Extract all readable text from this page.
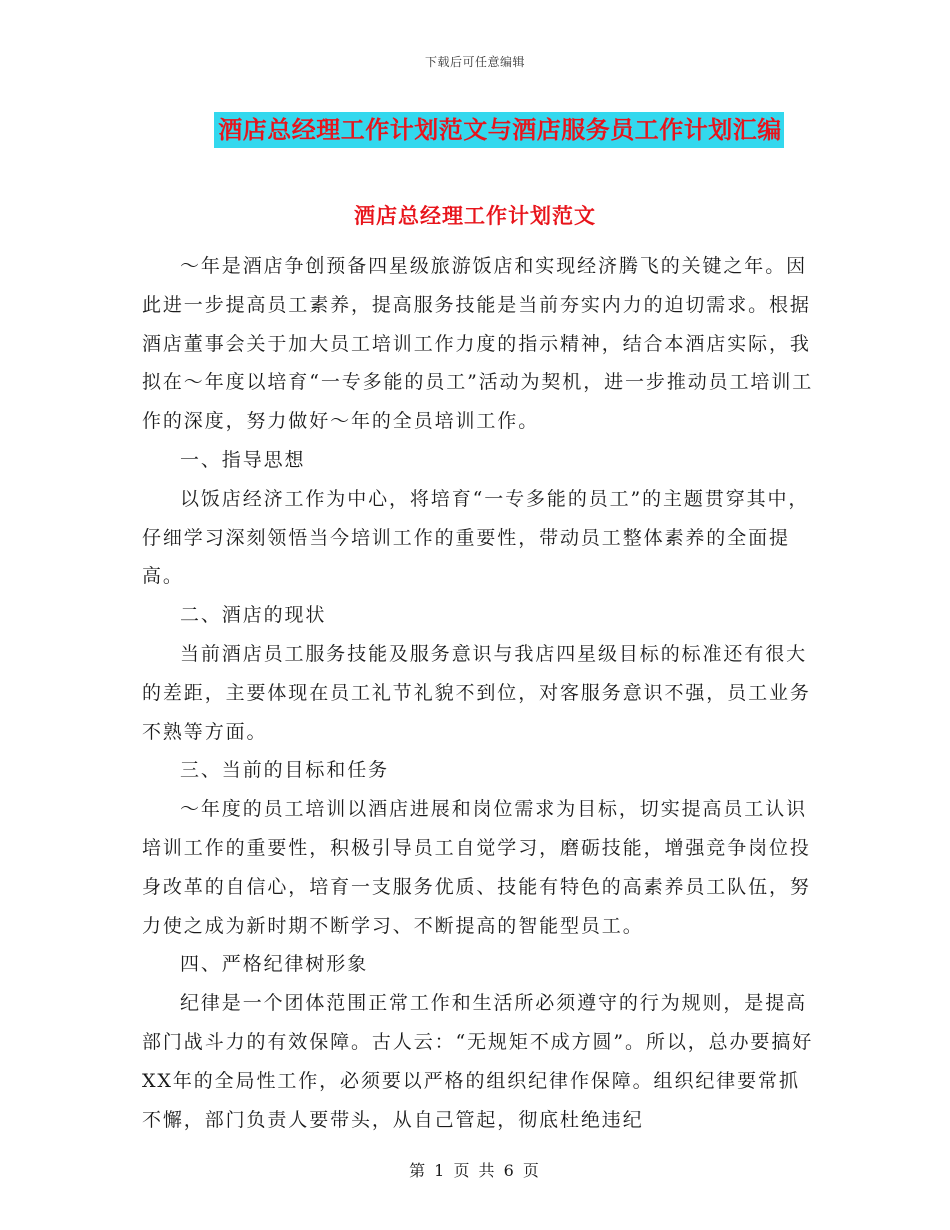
下载后可任意编辑
酒店总经理工作计划范文与酒店服务员工作计划汇编
酒店总经理工作计划范文

～年是酒店争创预备四星级旅游饭店和实现经济腾飞的关键之年。因此进一步提高员工素养，提高服务技能是当前夯实内力的迫切需求。根据酒店董事会关于加大员工培训工作力度的指示精神，结合本酒店实际，我拟在～年度以培育“一专多能的员工”活动为契机，进一步推动员工培训工作的深度，努力做好～年的全员培训工作。

一、指导思想

以饭店经济工作为中心，将培育“一专多能的员工”的主题贯穿其中，仔细学习深刻领悟当今培训工作的重要性，带动员工整体素养的全面提高。

二、酒店的现状

当前酒店员工服务技能及服务意识与我店四星级目标的标准还有很大的差距，主要体现在员工礼节礼貌不到位，对客服务意识不强，员工业务不熟等方面。

三、当前的目标和任务

～年度的员工培训以酒店进展和岗位需求为目标，切实提高员工认识培训工作的重要性，积极引导员工自觉学习，磨砺技能，增强竞争岗位投身改革的自信心，培育一支服务优质、技能有特色的高素养员工队伍，努力使之成为新时期不断学习、不断提高的智能型员工。

四、严格纪律树形象

纪律是一个团体范围正常工作和生活所必须遵守的行为规则，是提高部门战斗力的有效保障。古人云：“无规矩不成方圆”。所以，总办要搞好XX年的全局性工作，必须要以严格的组织纪律作保障。组织纪律要常抓不懈，部门负责人要带头，从自己管起，彻底杜绝违纪

第 1 页 共 6 页
